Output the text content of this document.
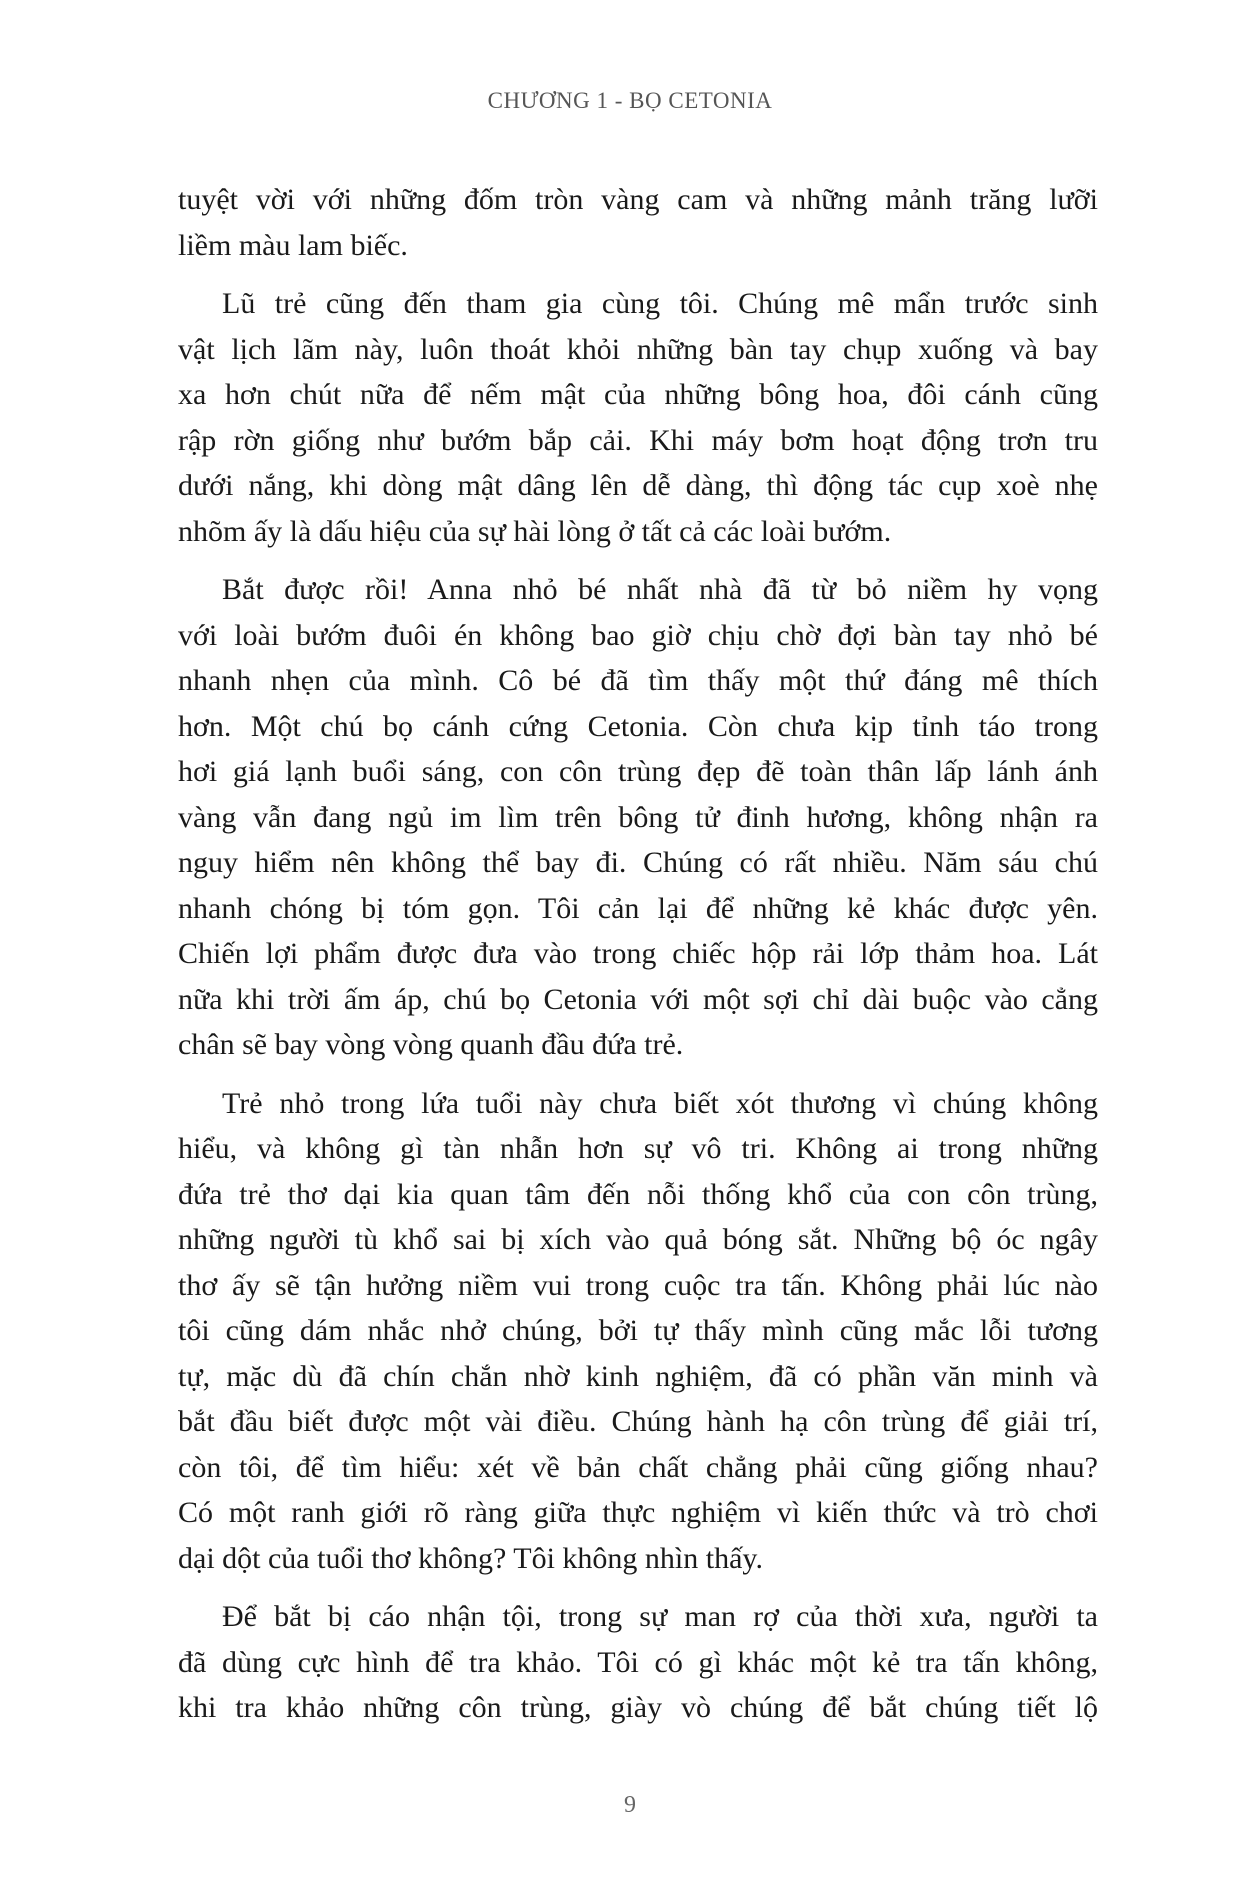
CHƯƠNG 1 - BỌ CETONIA
tuyệt vời với những đốm tròn vàng cam và những mảnh trăng lưỡi
liềm màu lam biếc.
Lũ trẻ cũng đến tham gia cùng tôi. Chúng mê mẩn trước sinh
vật lịch lãm này, luôn thoát khỏi những bàn tay chụp xuống và bay
xa hơn chút nữa để nếm mật của những bông hoa, đôi cánh cũng
rập rờn giống như bướm bắp cải. Khi máy bơm hoạt động trơn tru
dưới nắng, khi dòng mật dâng lên dễ dàng, thì động tác cụp xoè nhẹ
nhõm ấy là dấu hiệu của sự hài lòng ở tất cả các loài bướm.
Bắt được rồi! Anna nhỏ bé nhất nhà đã từ bỏ niềm hy vọng
với loài bướm đuôi én không bao giờ chịu chờ đợi bàn tay nhỏ bé
nhanh nhẹn của mình. Cô bé đã tìm thấy một thứ đáng mê thích
hơn. Một chú bọ cánh cứng Cetonia. Còn chưa kịp tỉnh táo trong
hơi giá lạnh buổi sáng, con côn trùng đẹp đẽ toàn thân lấp lánh ánh
vàng vẫn đang ngủ im lìm trên bông tử đinh hương, không nhận ra
nguy hiểm nên không thể bay đi. Chúng có rất nhiều. Năm sáu chú
nhanh chóng bị tóm gọn. Tôi cản lại để những kẻ khác được yên.
Chiến lợi phẩm được đưa vào trong chiếc hộp rải lớp thảm hoa. Lát
nữa khi trời ấm áp, chú bọ Cetonia với một sợi chỉ dài buộc vào cẳng
chân sẽ bay vòng vòng quanh đầu đứa trẻ.
Trẻ nhỏ trong lứa tuổi này chưa biết xót thương vì chúng không
hiểu, và không gì tàn nhẫn hơn sự vô tri. Không ai trong những
đứa trẻ thơ dại kia quan tâm đến nỗi thống khổ của con côn trùng,
những người tù khổ sai bị xích vào quả bóng sắt. Những bộ óc ngây
thơ ấy sẽ tận hưởng niềm vui trong cuộc tra tấn. Không phải lúc nào
tôi cũng dám nhắc nhở chúng, bởi tự thấy mình cũng mắc lỗi tương
tự, mặc dù đã chín chắn nhờ kinh nghiệm, đã có phần văn minh và
bắt đầu biết được một vài điều. Chúng hành hạ côn trùng để giải trí,
còn tôi, để tìm hiểu: xét về bản chất chẳng phải cũng giống nhau?
Có một ranh giới rõ ràng giữa thực nghiệm vì kiến thức và trò chơi
dại dột của tuổi thơ không? Tôi không nhìn thấy.
Để bắt bị cáo nhận tội, trong sự man rợ của thời xưa, người ta
đã dùng cực hình để tra khảo. Tôi có gì khác một kẻ tra tấn không,
khi tra khảo những côn trùng, giày vò chúng để bắt chúng tiết lộ
9
